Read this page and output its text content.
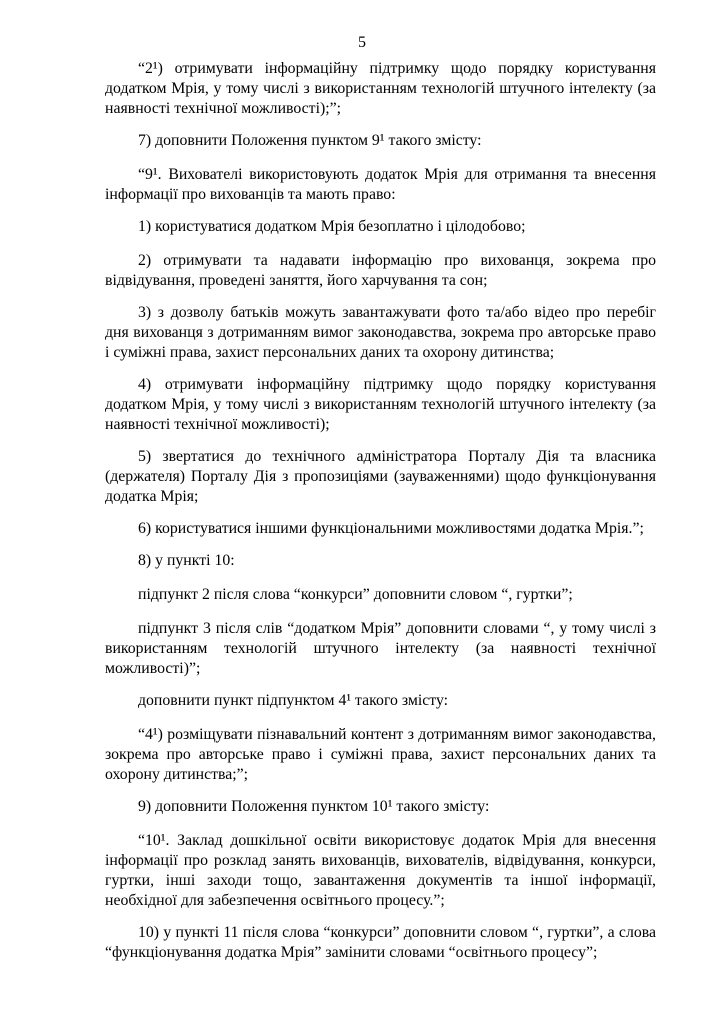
5

“2¹) отримувати інформаційну підтримку щодо порядку користування додатком Мрія, у тому числі з використанням технологій штучного інтелекту (за наявності технічної можливості);”;

7) доповнити Положення пунктом 9¹ такого змісту:

“9¹. Вихователі використовують додаток Мрія для отримання та внесення інформації про вихованців та мають право:

1) користуватися додатком Мрія безоплатно і цілодобово;

2) отримувати та надавати інформацію про вихованця, зокрема про відвідування, проведені заняття, його харчування та сон;

3) з дозволу батьків можуть завантажувати фото та/або відео про перебіг дня вихованця з дотриманням вимог законодавства, зокрема про авторське право і суміжні права, захист персональних даних та охорону дитинства;

4) отримувати інформаційну підтримку щодо порядку користування додатком Мрія, у тому числі з використанням технологій штучного інтелекту (за наявності технічної можливості);

5) звертатися до технічного адміністратора Порталу Дія та власника (держателя) Порталу Дія з пропозиціями (зауваженнями) щодо функціонування додатка Мрія;

6) користуватися іншими функціональними можливостями додатка Мрія.”;

8) у пункті 10:

підпункт 2 після слова “конкурси” доповнити словом “, гуртки”;

підпункт 3 після слів “додатком Мрія” доповнити словами “, у тому числі з використанням технологій штучного інтелекту (за наявності технічної можливості)”;

доповнити пункт підпунктом 4¹ такого змісту:

“4¹) розміщувати пізнавальний контент з дотриманням вимог законодавства, зокрема про авторське право і суміжні права, захист персональних даних та охорону дитинства;”;

9) доповнити Положення пунктом 10¹ такого змісту:

“10¹. Заклад дошкільної освіти використовує додаток Мрія для внесення інформації про розклад занять вихованців, вихователів, відвідування, конкурси, гуртки, інші заходи тощо, завантаження документів та іншої інформації, необхідної для забезпечення освітнього процесу.”;

10) у пункті 11 після слова “конкурси” доповнити словом “, гуртки”, а слова “функціонування додатка Мрія” замінити словами “освітнього процесу”;
